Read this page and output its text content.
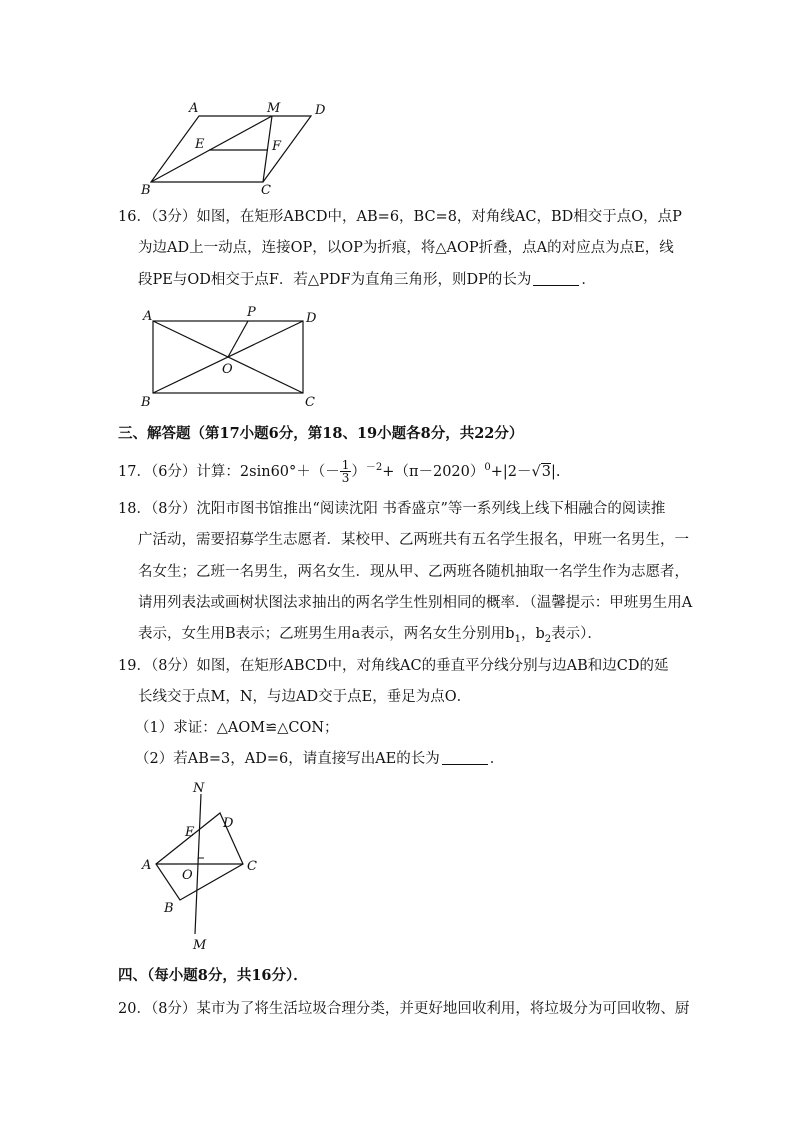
A	M	D
E	F
B	C
16．（3分）如图，在矩形ABCD中，AB=6，BC=8，对角线AC，BD相交于点O，点P
为边AD上一动点，连接OP，以OP为折痕，将△AOP折叠，点A的对应点为点E，线
段PE与OD相交于点F．若△PDF为直角三角形，则DP的长为	．
A	P	D
O
B	C
三、解答题（第17小题6分，第18、19小题各8分，共22分）
17．（6分）计算：$2\sin 60^\circ+(- \frac{1}{3} )^{-2}+(\pi-2020)^0+|2-√3|$.
18．（8分）沈阳市图书馆推出“阅读沈阳 书香盛京”等一系列线上线下相融合的阅读推
广活动，需要招募学生志愿者．某校甲、乙两班共有五名学生报名，甲班一名男生，一
名女生；乙班一名男生，两名女生．现从甲、乙两班各随机抽取一名学生作为志愿者，
请用列表法或画树状图法求抽出的两名学生性别相同的概率．（温馨提示：甲班男生用A
表示，女生用B表示；乙班男生用a表示，两名女生分别用$b_1$，$b_2$表示）．
19．（8分）如图，在矩形ABCD中，对角线AC的垂直平分线分别与边AB和边CD的延
长线交于点M，N，与边AD交于点E，垂足为点O．
（1）求证：△AOM≌△CON；
（2）若AB=3，AD=6，请直接写出AE的长为	．
N
E
D
A
O
C
B
M
四、（每小题8分，共16分）．
20．（8分）某市为了将生活垃圾合理分类，并更好地回收利用，将垃圾分为可回收物、厨
